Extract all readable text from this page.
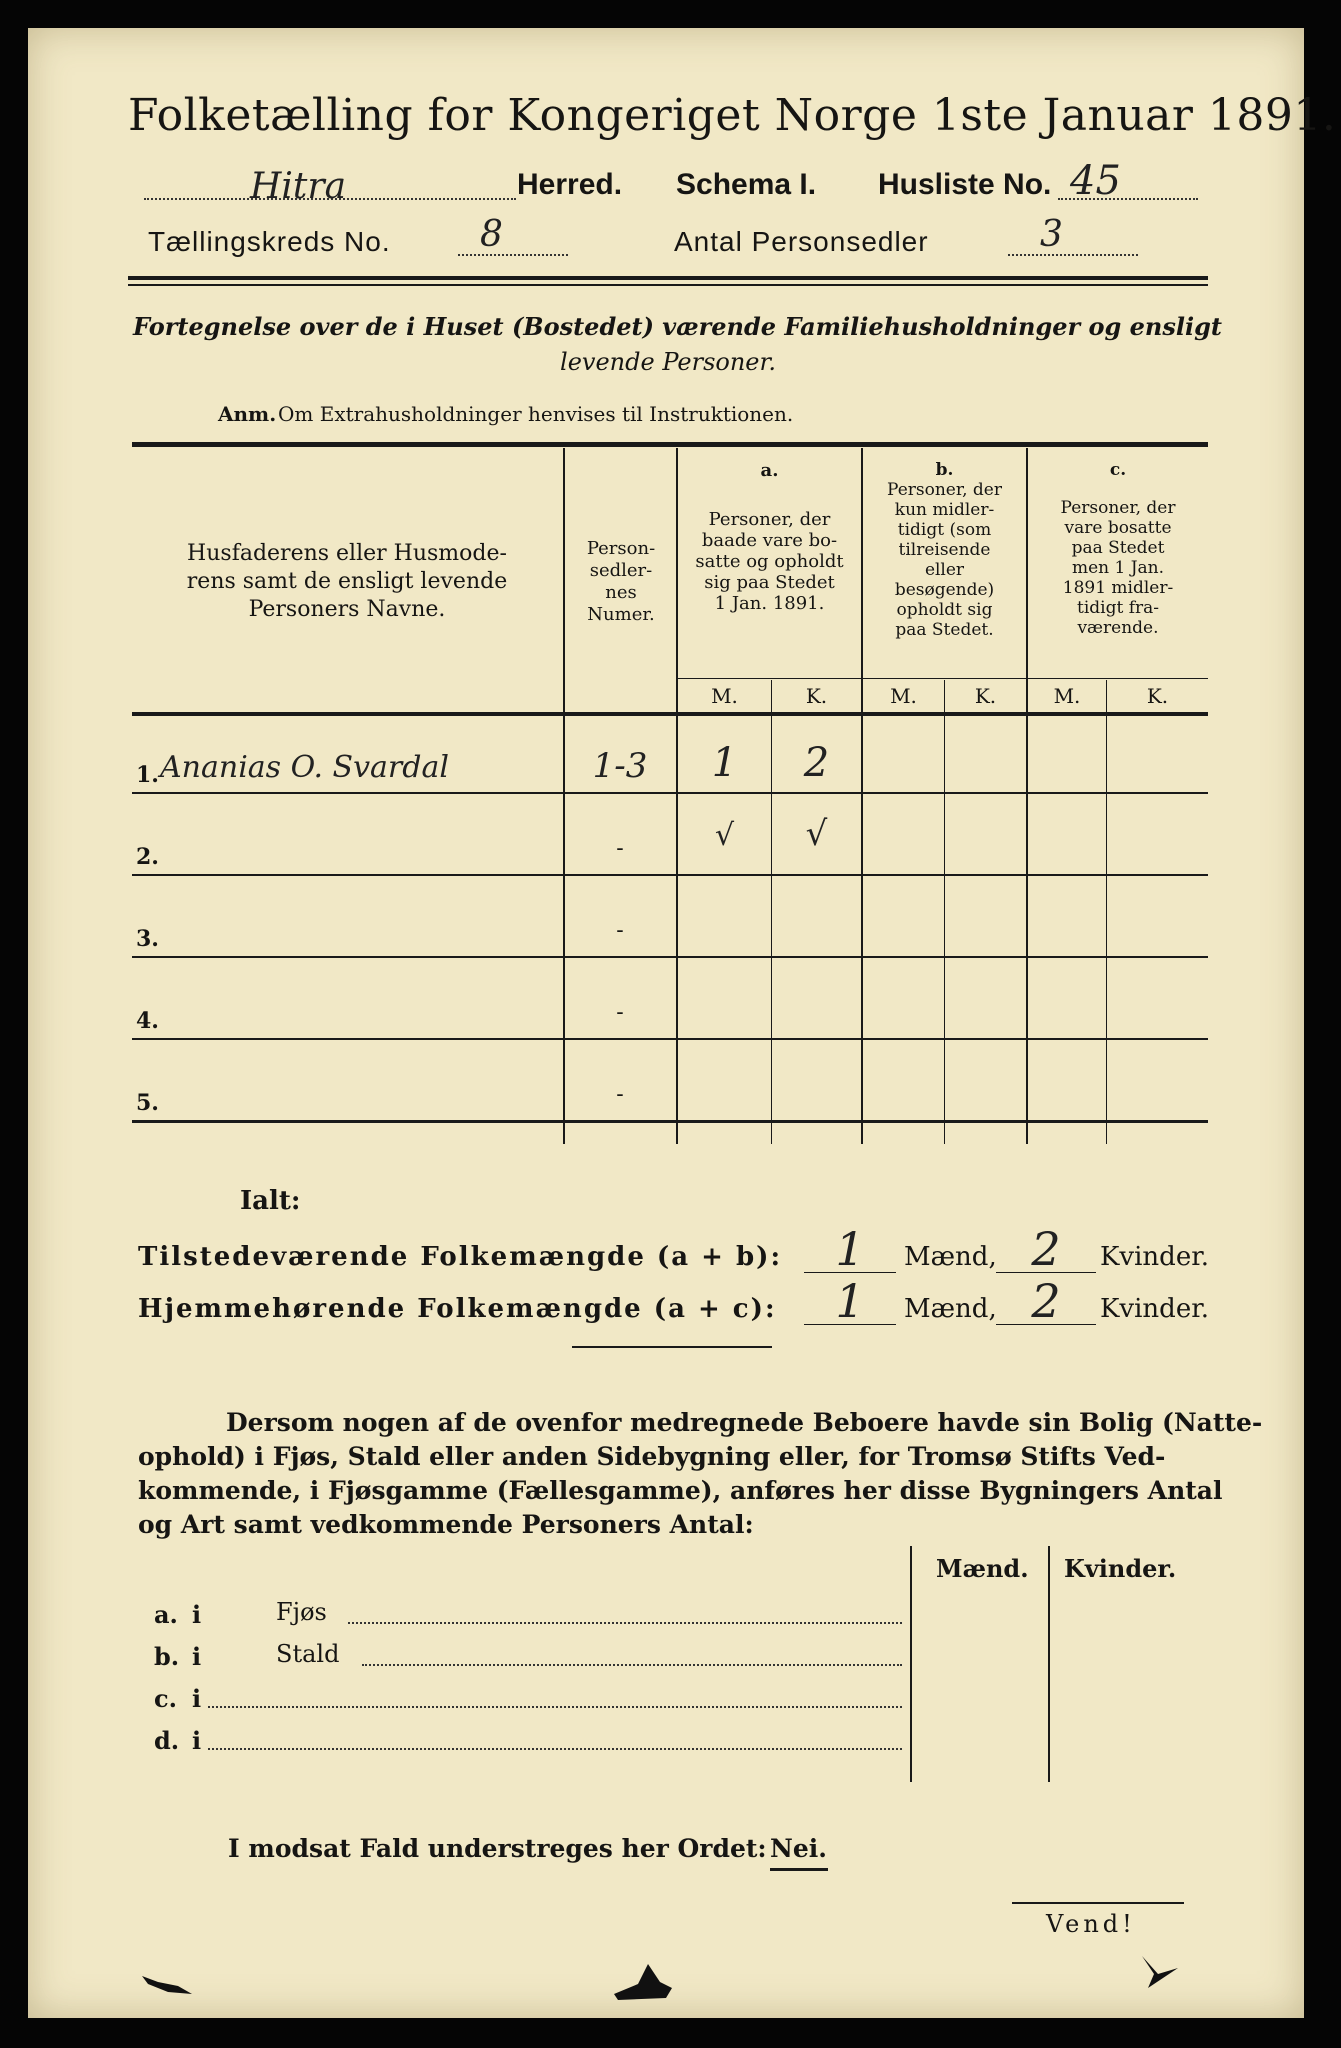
Folketælling for Kongeriget Norge 1ste Januar 1891.
Hitra	Herred. Schema I. Husliste No. 45
Tællingskreds No. 8	Antal Personsedler	3
Fortegnelse over de i Huset (Bostedet) værende Familiehusholdninger og ensligt
levende Personer.
Anm. Om Extrahusholdninger henvises til Instruktionen.
Husfaderens eller Husmode-
rens samt de ensligt levende
Personers Navne.
Person-
sedler-
nes
Numer.
a.
Personer, der
baade vare bo-
satte og opholdt
sig paa Stedet
1 Jan. 1891.
b.
Personer, der
kun midler-
tidigt (som
tilreisende
eller
besøgende)
opholdt sig
paa Stedet.
c.
Personer, der
vare bosatte
paa Stedet
men 1 Jan.
1891 midler-
tidigt fra-
værende.
M.	K.	M.	K.	M.	K.
1. Ananias O. Svardal	1-3	1	2
2.	-	√	√
3.	-
4.	-
5.	-
Ialt:
Tilstedeværende Folkemængde (a + b):	1	Mænd, 2	Kvinder.
Hjemmehørende Folkemængde (a + c):	1	Mænd, 2	Kvinder.
Dersom nogen af de ovenfor medregnede Beboere havde sin Bolig (Natte-
ophold) i Fjøs, Stald eller anden Sidebygning eller, for Tromsø Stifts Ved-
kommende, i Fjøsgamme (Fællesgamme), anføres her disse Bygningers Antal
og Art samt vedkommende Personers Antal:
Mænd. Kvinder.
a. i	Fjøs
b. i	Stald
c. i
d. i
I modsat Fald understreges her Ordet: Nei.
Vend!
